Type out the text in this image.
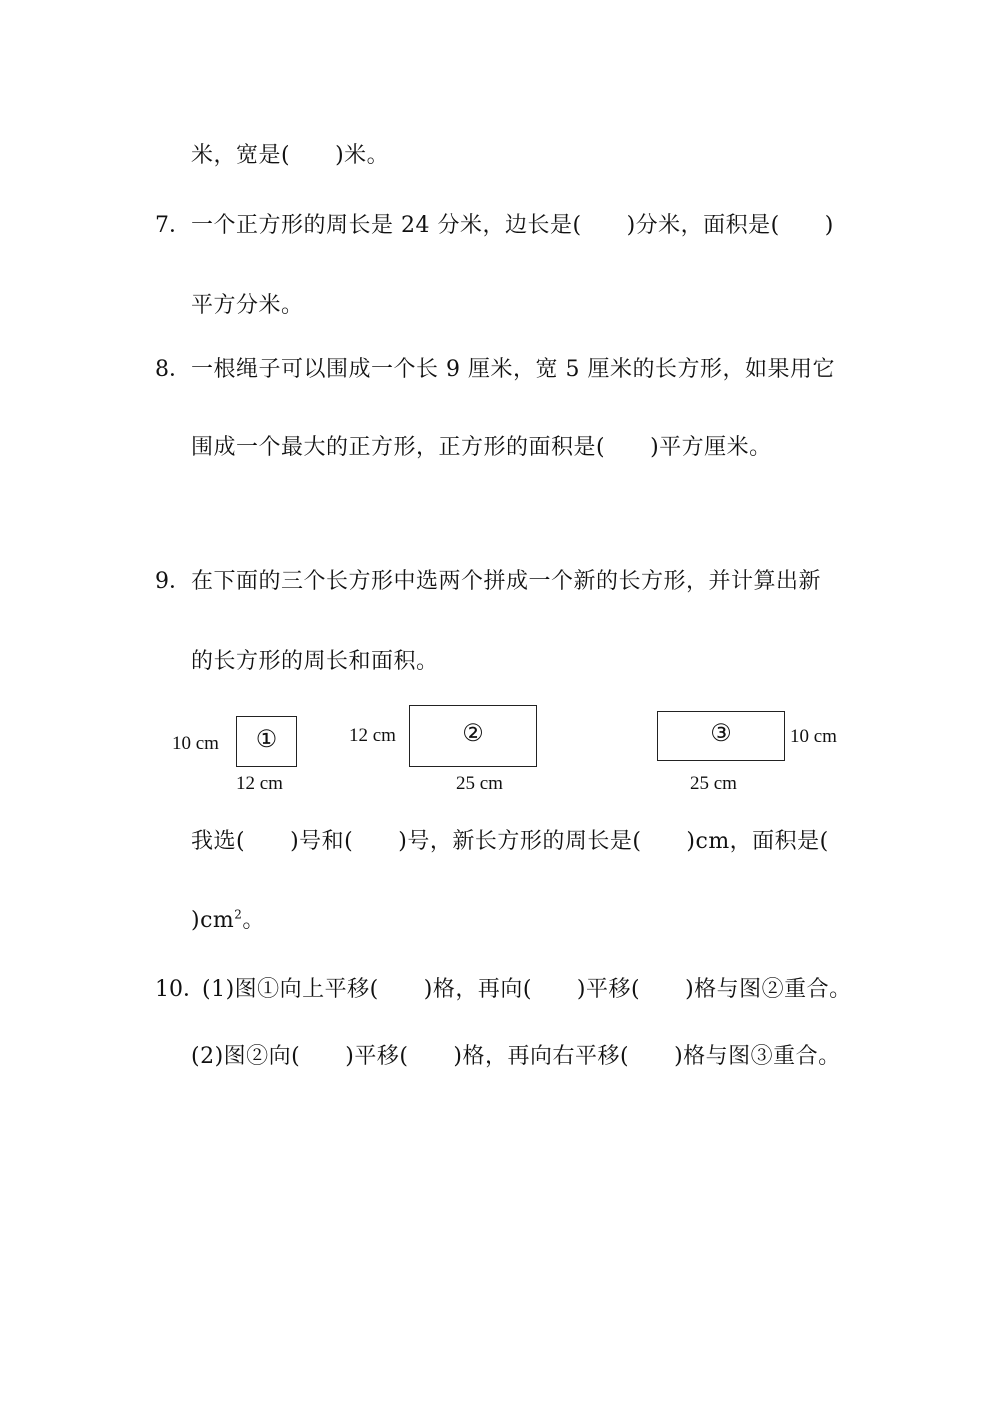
米，宽是(　　)米。
7． 一个正方形的周长是 24 分米，边长是(　　)分米，面积是(　　)
平方分米。
8． 一根绳子可以围成一个长 9 厘米，宽 5 厘米的长方形，如果用它
围成一个最大的正方形，正方形的面积是(　　)平方厘米。
9． 在下面的三个长方形中选两个拼成一个新的长方形，并计算出新
的长方形的周长和面积。
10 cm	①
12 cm
12 cm	②
25 cm
③	10 cm
25 cm
我选(　　)号和(　　)号，新长方形的周长是(　　)cm，面积是(
)$cm^2$。
10．
(1)图①向上平移(　　)格，再向(　　)平移(　　)格与图②重合。
(2)图②向(　　)平移(　　)格，再向右平移(　　)格与图③重合。
